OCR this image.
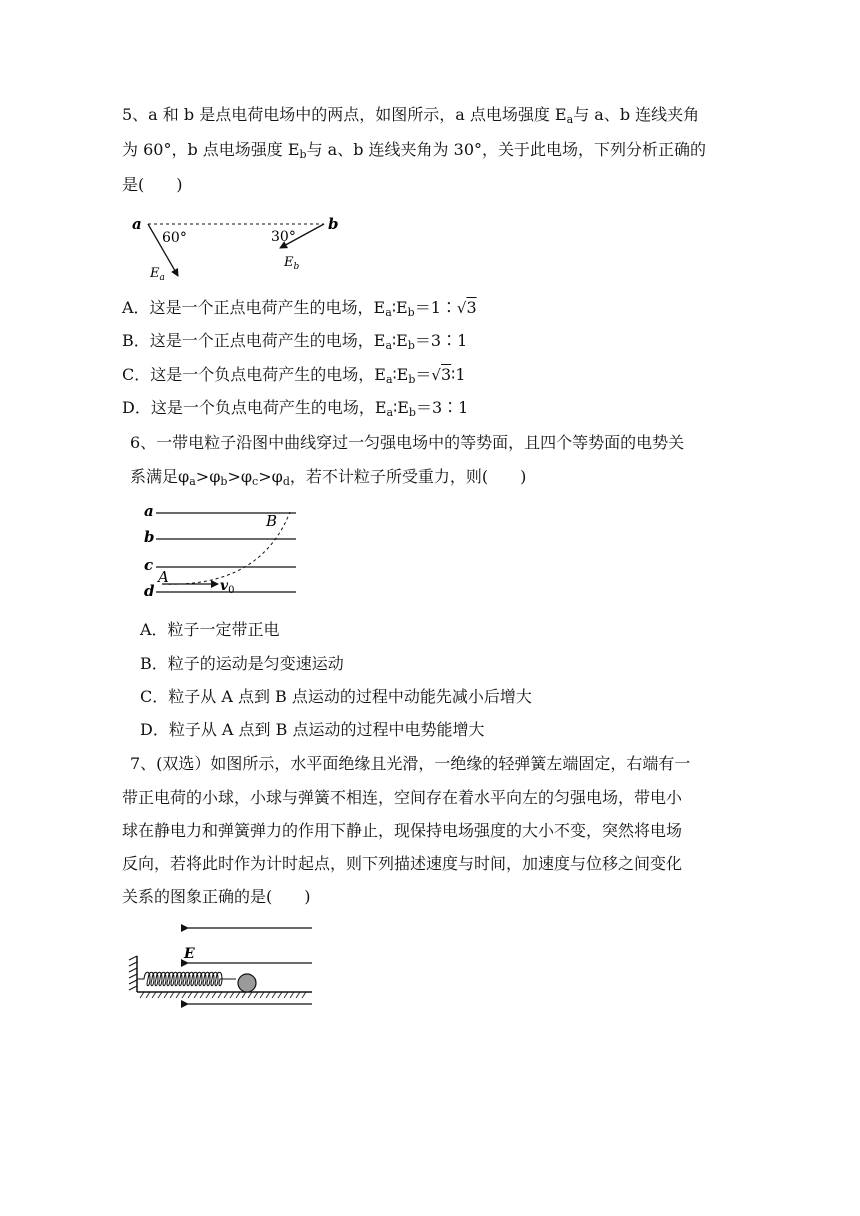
5、a 和 b 是点电荷电场中的两点，如图所示，a 点电场强度 $E_a$与 a、b 连线夹角
为 60°，b 点电场强度 $E_b$与 a、b 连线夹角为 30°，关于此电场，下列分析正确的
是(　　)
a	b
60°
$E_a$
30°
$E_b$
A．这是一个正点电荷产生的电场，$E_a∶E_b=1∶√3$
B．这是一个正点电荷产生的电场，$E_a∶E_b=3∶1$
C．这是一个负点电荷产生的电场，$E_a∶E_b=√3∶1$
D．这是一个负点电荷产生的电场，$E_a∶E_b=3∶1$
6、一带电粒子沿图中曲线穿过一匀强电场中的等势面，且四个等势面的电势关
系满足$\varphi_a>\varphi_b>\varphi_c>\varphi_d$，若不计粒子所受重力，则(　　)
a
b
c
d
A
B
$v_0$
A．粒子一定带正电
B．粒子的运动是匀变速运动
C．粒子从 A 点到 B 点运动的过程中动能先减小后增大
D．粒子从 A 点到 B 点运动的过程中电势能增大
7、(双选）如图所示，水平面绝缘且光滑，一绝缘的轻弹簧左端固定，右端有一
带正电荷的小球，小球与弹簧不相连，空间存在着水平向左的匀强电场，带电小
球在静电力和弹簧弹力的作用下静止，现保持电场强度的大小不变，突然将电场
反向，若将此时作为计时起点，则下列描述速度与时间，加速度与位移之间变化
关系的图象正确的是(　　)
E
